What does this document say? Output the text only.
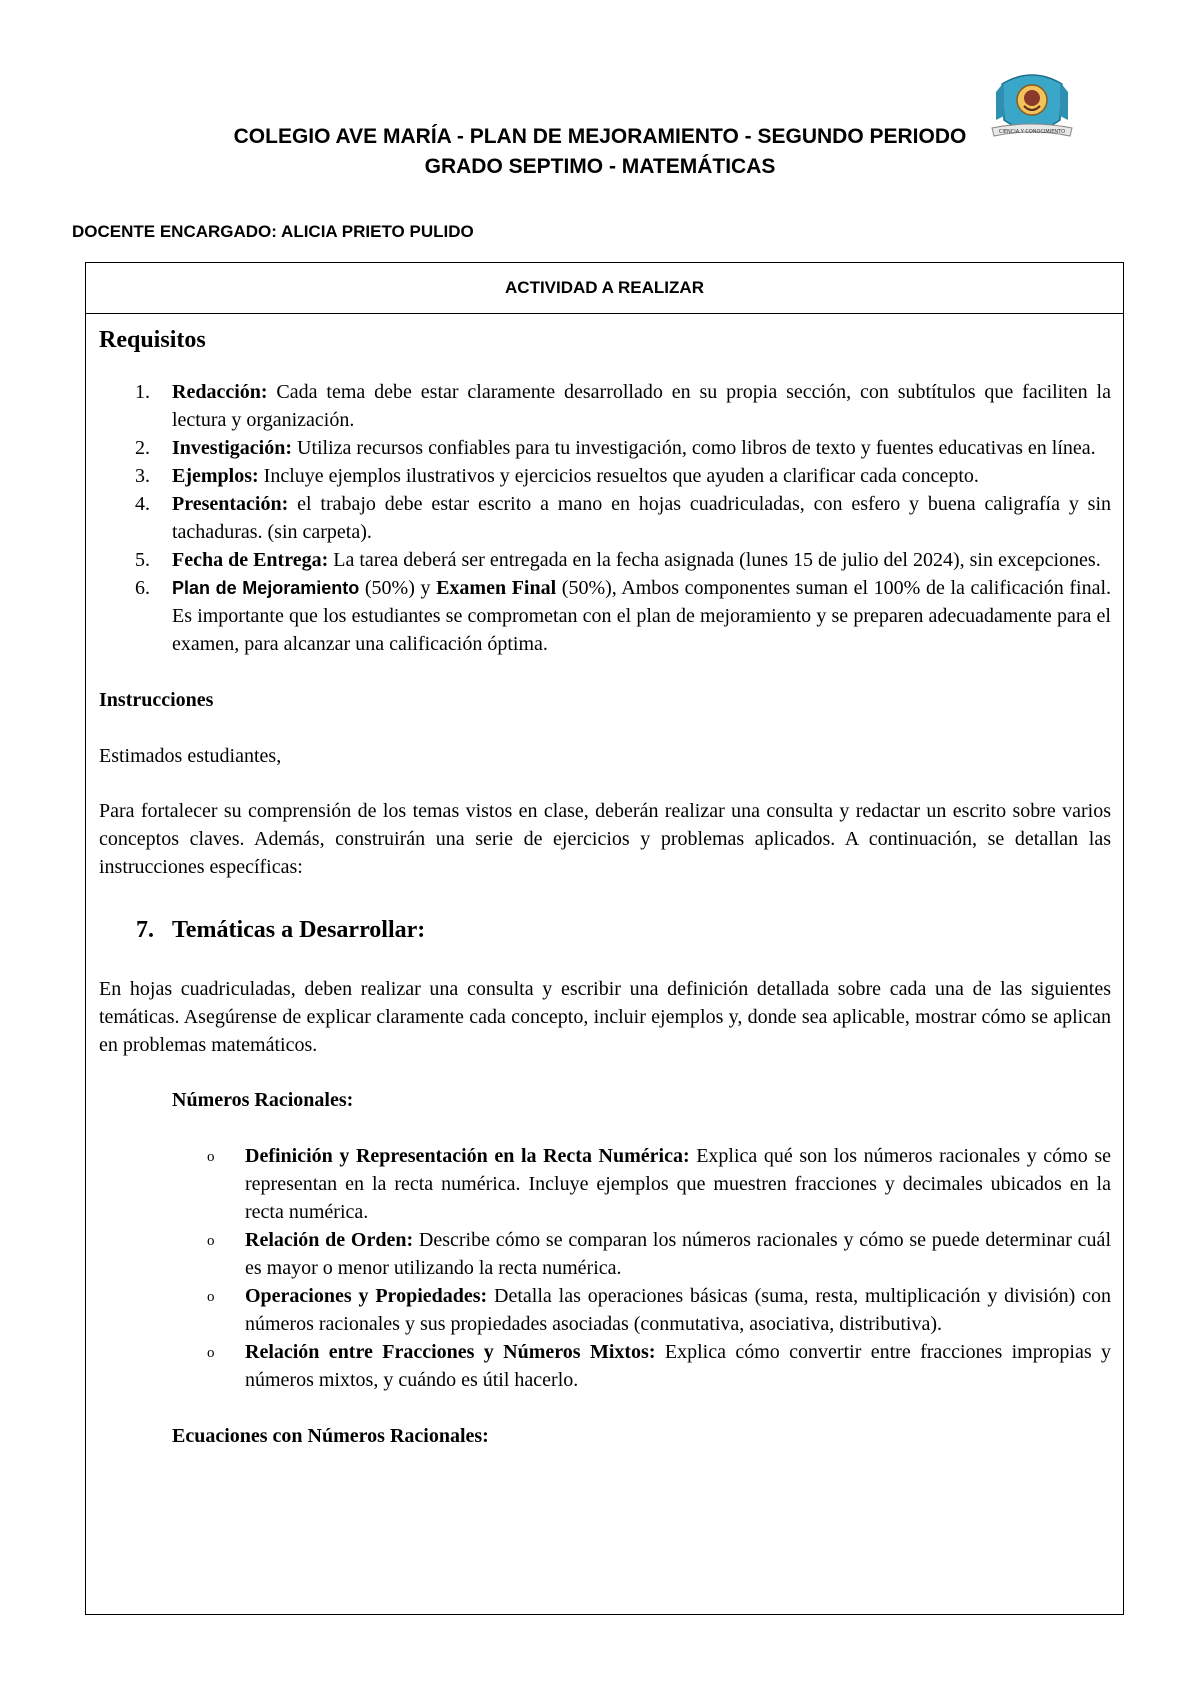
COLEGIO AVE MARÍA - PLAN DE MEJORAMIENTO - SEGUNDO PERIODO
GRADO SEPTIMO - MATEMÁTICAS
CIENCIA Y CONOCIMIENTO
DOCENTE ENCARGADO: ALICIA PRIETO PULIDO
ACTIVIDAD A REALIZAR
Requisitos
1. Redacción: Cada tema debe estar claramente desarrollado en su propia sección, con subtítulos que faciliten la lectura y organización.
2. Investigación: Utiliza recursos confiables para tu investigación, como libros de texto y fuentes educativas en línea.
3. Ejemplos: Incluye ejemplos ilustrativos y ejercicios resueltos que ayuden a clarificar cada concepto.
4. Presentación: el trabajo debe estar escrito a mano en hojas cuadriculadas, con esfero y buena caligrafía y sin tachaduras. (sin carpeta).
5. Fecha de Entrega: La tarea deberá ser entregada en la fecha asignada (lunes 15 de julio del 2024), sin excepciones.
6. Plan de Mejoramiento (50%) y Examen Final (50%), Ambos componentes suman el 100% de la calificación final. Es importante que los estudiantes se comprometan con el plan de mejoramiento y se preparen adecuadamente para el examen, para alcanzar una calificación óptima.
Instrucciones
Estimados estudiantes,

Para fortalecer su comprensión de los temas vistos en clase, deberán realizar una consulta y redactar un escrito sobre varios conceptos claves. Además, construirán una serie de ejercicios y problemas aplicados. A continuación, se detallan las instrucciones específicas:

7. Temáticas a Desarrollar:

En hojas cuadriculadas, deben realizar una consulta y escribir una definición detallada sobre cada una de las siguientes temáticas. Asegúrense de explicar claramente cada concepto, incluir ejemplos y, donde sea aplicable, mostrar cómo se aplican en problemas matemáticos.

Números Racionales:
o Definición y Representación en la Recta Numérica: Explica qué son los números racionales y cómo se representan en la recta numérica. Incluye ejemplos que muestren fracciones y decimales ubicados en la recta numérica.
o Relación de Orden: Describe cómo se comparan los números racionales y cómo se puede determinar cuál es mayor o menor utilizando la recta numérica.
o Operaciones y Propiedades: Detalla las operaciones básicas (suma, resta, multiplicación y división) con números racionales y sus propiedades asociadas (conmutativa, asociativa, distributiva).
o Relación entre Fracciones y Números Mixtos: Explica cómo convertir entre fracciones impropias y números mixtos, y cuándo es útil hacerlo.
Ecuaciones con Números Racionales:
